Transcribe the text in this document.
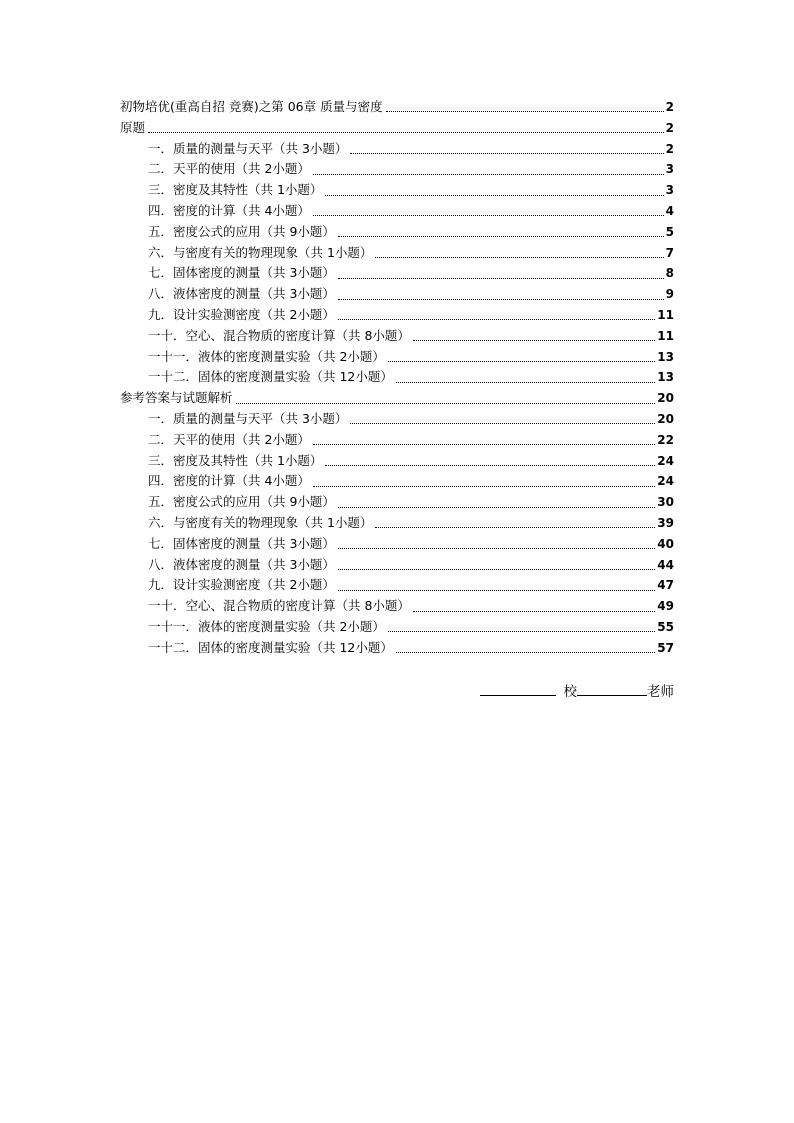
初物培优(重高自招 竞赛)之第 06章 质量与密度	2
原题	2
一．质量的测量与天平（共 3小题）	2
二．天平的使用（共 2小题）	3
三．密度及其特性（共 1小题）	3
四．密度的计算（共 4小题）	4
五．密度公式的应用（共 9小题）	5
六．与密度有关的物理现象（共 1小题）	7
七．固体密度的测量（共 3小题）	8
八．液体密度的测量（共 3小题）	9
九．设计实验测密度（共 2小题）	11
一十．空心、混合物质的密度计算（共 8小题）	11
一十一．液体的密度测量实验（共 2小题）	13
一十二．固体的密度测量实验（共 12小题）	13
参考答案与试题解析	20
一．质量的测量与天平（共 3小题）	20
二．天平的使用（共 2小题）	22
三．密度及其特性（共 1小题）	24
四．密度的计算（共 4小题）	24
五．密度公式的应用（共 9小题）	30
六．与密度有关的物理现象（共 1小题）	39
七．固体密度的测量（共 3小题）	40
八．液体密度的测量（共 3小题）	44
九．设计实验测密度（共 2小题）	47
一十．空心、混合物质的密度计算（共 8小题）	49
一十一．液体的密度测量实验（共 2小题）	55
一十二．固体的密度测量实验（共 12小题）	57
校	老师
